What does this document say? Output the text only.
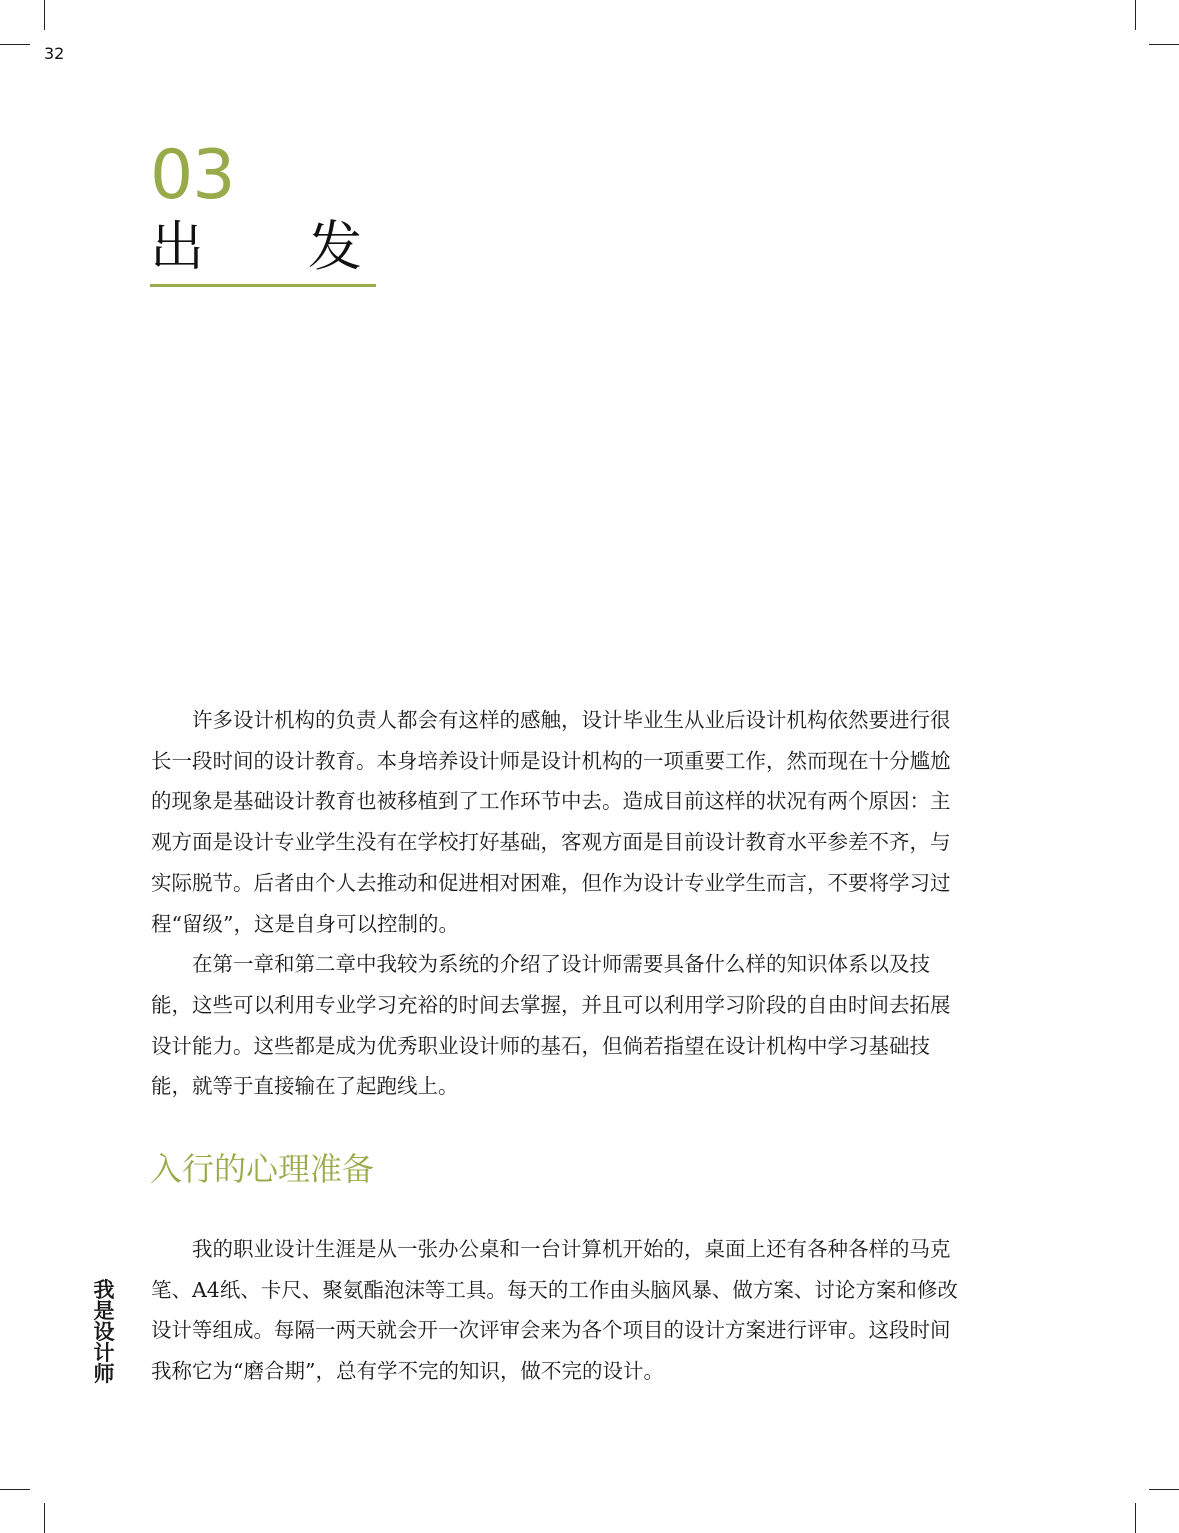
32
03
出发

许多设计机构的负责人都会有这样的感触，设计毕业生从业后设计机构依然要进行很长一段时间的设计教育。本身培养设计师是设计机构的一项重要工作，然而现在十分尴尬的现象是基础设计教育也被移植到了工作环节中去。造成目前这样的状况有两个原因：主观方面是设计专业学生没有在学校打好基础，客观方面是目前设计教育水平参差不齐，与实际脱节。后者由个人去推动和促进相对困难，但作为设计专业学生而言，不要将学习过程“留级”，这是自身可以控制的。

在第一章和第二章中我较为系统的介绍了设计师需要具备什么样的知识体系以及技能，这些可以利用专业学习充裕的时间去掌握，并且可以利用学习阶段的自由时间去拓展设计能力。这些都是成为优秀职业设计师的基石，但倘若指望在设计机构中学习基础技能，就等于直接输在了起跑线上。

入行的心理准备

我的职业设计生涯是从一张办公桌和一台计算机开始的，桌面上还有各种各样的马克笔、A4纸、卡尺、聚氨酯泡沫等工具。每天的工作由头脑风暴、做方案、讨论方案和修改设计等组成。每隔一两天就会开一次评审会来为各个项目的设计方案进行评审。这段时间我称它为“磨合期”，总有学不完的知识，做不完的设计。

我是设计师
